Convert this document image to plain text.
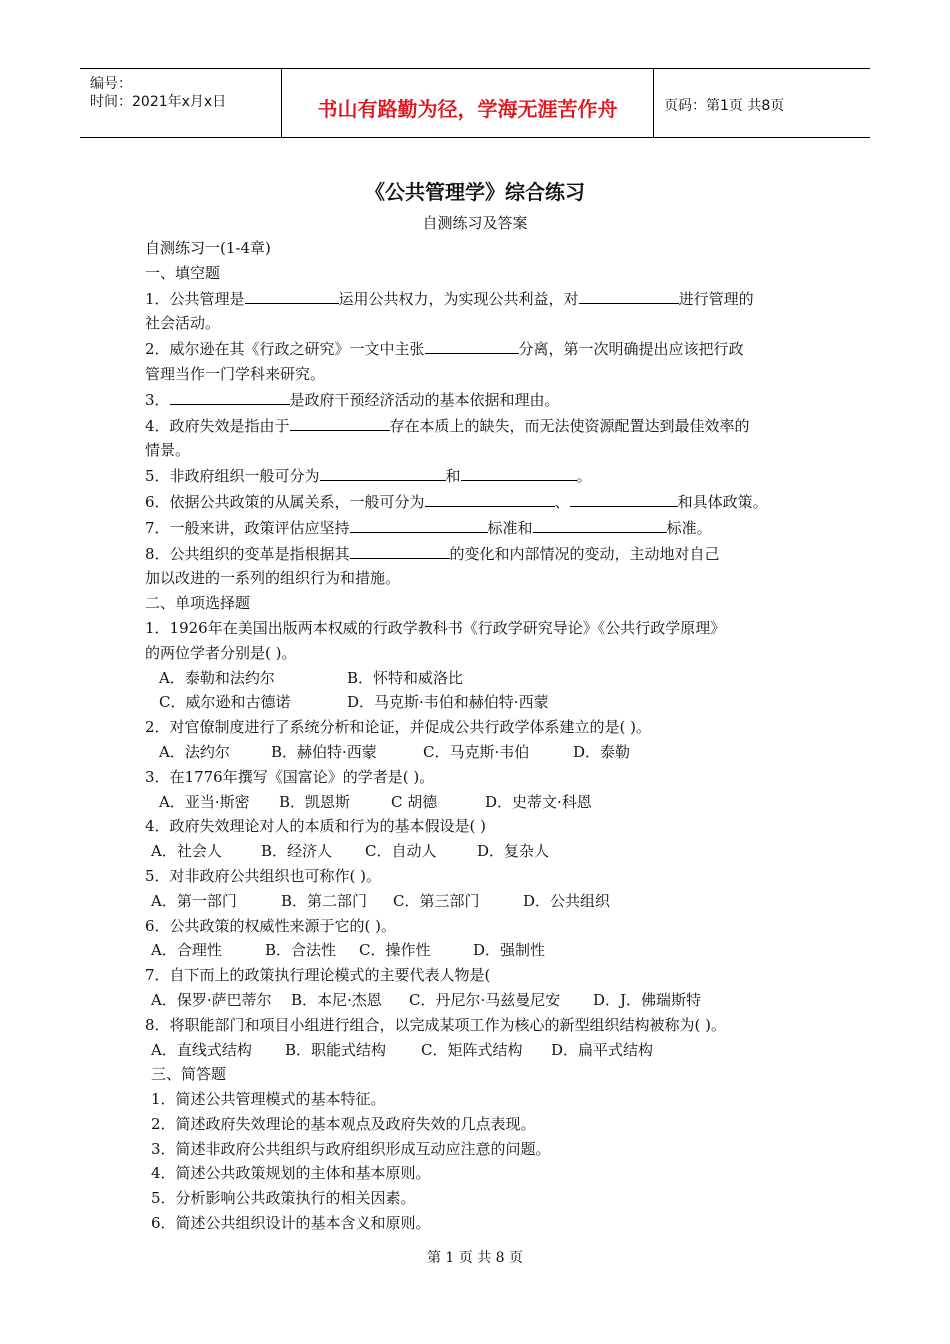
编号：
时间：2021年x月x日	书山有路勤为径，学海无涯苦作舟	页码：第1页 共8页
《公共管理学》综合练习
自测练习及答案

自测练习一(1-4章)

一、填空题

1．公共管理是	运用公共权力，为实现公共利益，对	进行管理的

社会活动。

2．威尔逊在其《行政之研究》一文中主张	分离，第一次明确提出应该把行政

管理当作一门学科来研究。

3．	是政府干预经济活动的基本依据和理由。

4．政府失效是指由于	存在本质上的缺失，而无法使资源配置达到最佳效率的

情景。

5．非政府组织一般可分为	和	。

6．依据公共政策的从属关系，一般可分为	、	和具体政策。

7．一般来讲，政策评估应坚持	标准和	标准。

8．公共组织的变革是指根据其	的变化和内部情况的变动，主动地对自己

加以改进的一系列的组织行为和措施。

二、单项选择题

1．1926年在美国出版两本权威的行政学教科书《行政学研究导论》《公共行政学原理》

的两位学者分别是( )。

A．泰勒和法约尔	B．怀特和威洛比

C．威尔逊和古德诺	D．马克斯·韦伯和赫伯特·西蒙

2．对官僚制度进行了系统分析和论证，并促成公共行政学体系建立的是( )。

A．法约尔	B．赫伯特·西蒙	C．马克斯·韦伯	D．泰勒

3．在1776年撰写《国富论》的学者是( )。

A．亚当·斯密 B．凯恩斯	C 胡德	D．史蒂文·科恩

4．政府失效理论对人的本质和行为的基本假设是( )

A．社会人	B．经济人 C．自动人	D．复杂人

5．对非政府公共组织也可称作( )。

A．第一部门	B．第二部门 C．第三部门	D．公共组织

6．公共政策的权威性来源于它的( )。

A．合理性	B．合法性 C．操作性	D．强制性

7．自下而上的政策执行理论模式的主要代表人物是(

A．保罗·萨巴蒂尔 B．本尼·杰恩 C．丹尼尔·马兹曼尼安 D．J．佛瑞斯特

8．将职能部门和项目小组进行组合，以完成某项工作为核心的新型组织结构被称为( )。

A．直线式结构 B．职能式结构 C．矩阵式结构 D．扁平式结构

三、简答题

1．简述公共管理模式的基本特征。

2．简述政府失效理论的基本观点及政府失效的几点表现。

3．简述非政府公共组织与政府组织形成互动应注意的问题。

4．简述公共政策规划的主体和基本原则。

5．分析影响公共政策执行的相关因素。

6．简述公共组织设计的基本含义和原则。

第 1 页 共 8 页
